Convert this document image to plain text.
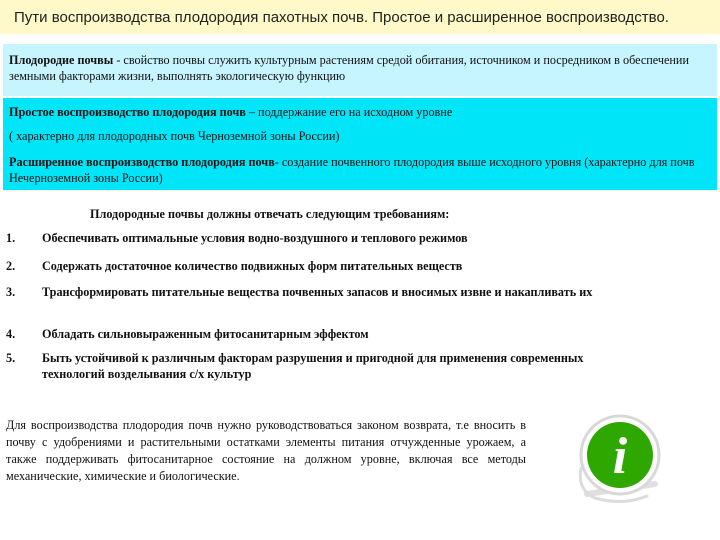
Пути воспроизводства плодородия пахотных почв. Простое и расширенное воспроизводство.
Плодородие почвы - свойство почвы служить культурным растениям средой обитания, источником и посредником в обеспечении земными факторами жизни, выполнять экологическую функцию

Простое воспроизводство плодородия почв – поддержание его на исходном уровне

( характерно для плодородных почв Черноземной зоны России)

Расширенное воспроизводство плодородия почв- создание почвенного плодородия выше исходного уровня (характерно для почв Нечерноземной зоны России)

Плодородные почвы должны отвечать следующим требованиям:
1. Обеспечивать оптимальные условия водно-воздушного и теплового режимов
2. Содержать достаточное количество подвижных форм питательных веществ
3. Трансформировать питательные вещества почвенных запасов и вносимых извне и накапливать их
4. Обладать сильновыраженным фитосанитарным эффектом
5. Быть устойчивой к различным факторам разрушения и пригодной для применения современных технологий возделывания с/х культур
Для воспроизводства плодородия почв нужно руководствоваться законом возврата, т.е вносить в почву с удобрениями и растительными остатками элементы питания отчужденные урожаем, а также поддерживать фитосанитарное состояние на должном уровне, включая все методы механические, химические и биологические.	i
